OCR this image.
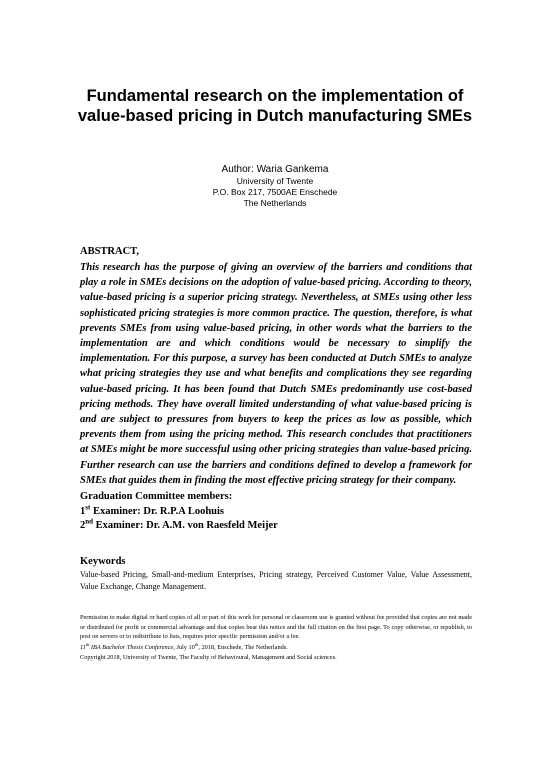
Fundamental research on the implementation of value-based pricing in Dutch manufacturing SMEs
Author: Waria Gankema
University of Twente
P.O. Box 217, 7500AE Enschede
The Netherlands
ABSTRACT,

This research has the purpose of giving an overview of the barriers and conditions that play a role in SMEs decisions on the adoption of value-based pricing. According to theory, value-based pricing is a superior pricing strategy. Nevertheless, at SMEs using other less sophisticated pricing strategies is more common practice. The question, therefore, is what prevents SMEs from using value-based pricing, in other words what the barriers to the implementation are and which conditions would be necessary to simplify the implementation. For this purpose, a survey has been conducted at Dutch SMEs to analyze what pricing strategies they use and what benefits and complications they see regarding value-based pricing. It has been found that Dutch SMEs predominantly use cost-based pricing methods. They have overall limited understanding of what value-based pricing is and are subject to pressures from buyers to keep the prices as low as possible, which prevents them from using the pricing method. This research concludes that practitioners at SMEs might be more successful using other pricing strategies than value-based pricing. Further research can use the barriers and conditions defined to develop a framework for SMEs that guides them in finding the most effective pricing strategy for their company.

Graduation Committee members:
1st Examiner: Dr. R.P.A Loohuis
2nd Examiner: Dr. A.M. von Raesfeld Meijer
Keywords

Value-based Pricing, Small-and-medium Enterprises, Pricing strategy, Perceived Customer Value, Value Assessment, Value Exchange, Change Management.

Permission to make digital or hard copies of all or part of this work for personal or classroom use is granted without fee provided that copies are not made or distributed for profit or commercial advantage and that copies bear this notice and the full citation on the first page. To copy otherwise, or republish, to post on servers or to redistribute to lists, requires prior specific permission and/or a fee.

11th IBA Bachelor Thesis Conference, July 10th, 2018, Enschede, The Netherlands.
Copyright 2018, University of Twente, The Faculty of Behavioural, Management and Social sciences.
